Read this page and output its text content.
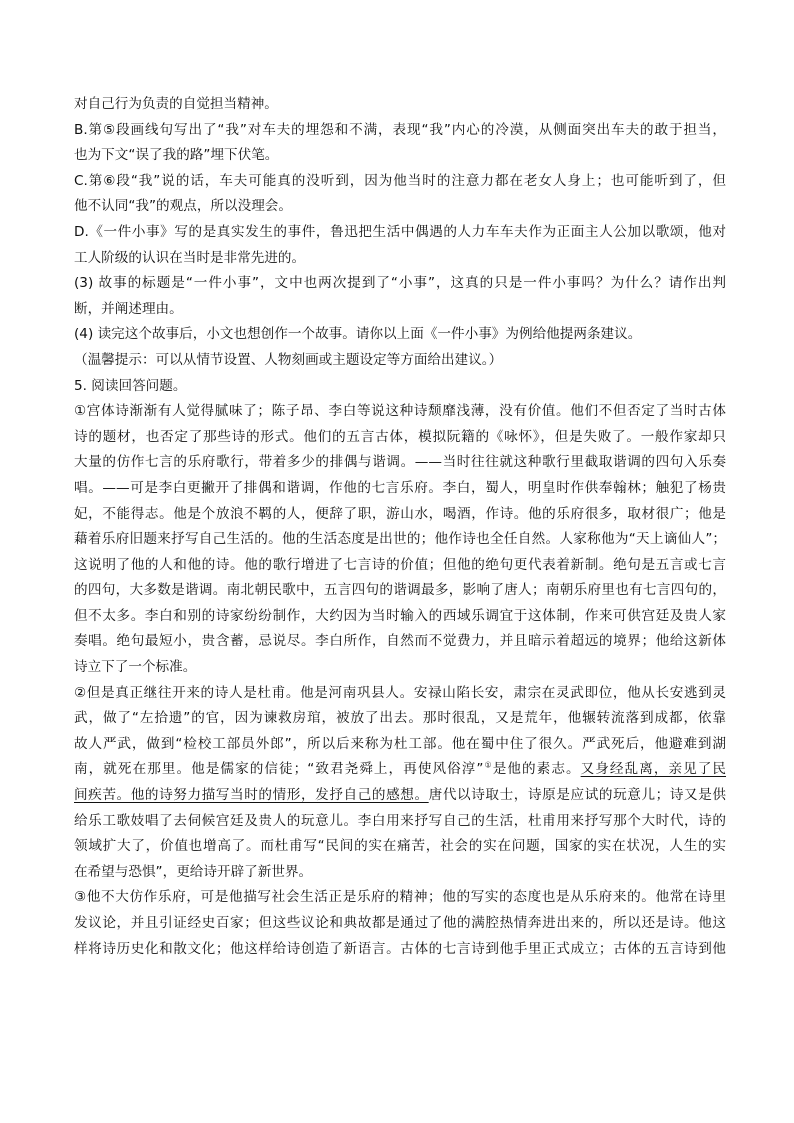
对自己行为负责的自觉担当精神。
B.第⑤段画线句写出了“我”对车夫的埋怨和不满，表现“我”内心的冷漠，从侧面突出车夫的敢于担当，
也为下文“误了我的路”埋下伏笔。
C.第⑥段“我”说的话，车夫可能真的没听到，因为他当时的注意力都在老女人身上；也可能听到了，但
他不认同“我”的观点，所以没理会。
D.《一件小事》写的是真实发生的事件，鲁迅把生活中偶遇的人力车车夫作为正面主人公加以歌颂，他对
工人阶级的认识在当时是非常先进的。
(3) 故事的标题是“一件小事”，文中也两次提到了“小事”，这真的只是一件小事吗？为什么？请作出判
断，并阐述理由。
(4) 读完这个故事后，小文也想创作一个故事。请你以上面《一件小事》为例给他提两条建议。
（温馨提示：可以从情节设置、人物刻画或主题设定等方面给出建议。）
5. 阅读回答问题。
①宫体诗渐渐有人觉得腻味了；陈子昂、李白等说这种诗颓靡浅薄，没有价值。他们不但否定了当时古体
诗的题材，也否定了那些诗的形式。他们的五言古体，模拟阮籍的《咏怀》，但是失败了。一般作家却只
大量的仿作七言的乐府歌行，带着多少的排偶与谐调。——当时往往就这种歌行里截取谐调的四句入乐奏
唱。——可是李白更撇开了排偶和谐调，作他的七言乐府。李白，蜀人，明皇时作供奉翰林；触犯了杨贵
妃，不能得志。他是个放浪不羁的人，便辞了职，游山水，喝酒，作诗。他的乐府很多，取材很广；他是
藉着乐府旧题来抒写自己生活的。他的生活态度是出世的；他作诗也全任自然。人家称他为“天上谪仙人”；
这说明了他的人和他的诗。他的歌行增进了七言诗的价值；但他的绝句更代表着新制。绝句是五言或七言
的四句，大多数是谐调。南北朝民歌中，五言四句的谐调最多，影响了唐人；南朝乐府里也有七言四句的，
但不太多。李白和别的诗家纷纷制作，大约因为当时输入的西域乐调宜于这体制，作来可供宫廷及贵人家
奏唱。绝句最短小，贵含蓄，忌说尽。李白所作，自然而不觉费力，并且暗示着超远的境界；他给这新体
诗立下了一个标准。
②但是真正继往开来的诗人是杜甫。他是河南巩县人。安禄山陷长安，肃宗在灵武即位，他从长安逃到灵
武，做了“左拾遗”的官，因为谏救房琯，被放了出去。那时很乱，又是荒年，他辗转流落到成都，依靠
故人严武，做到“检校工部员外郎”，所以后来称为杜工部。他在蜀中住了很久。严武死后，他避难到湖
南，就死在那里。他是儒家的信徒；“致君尧舜上，再使风俗淳”①是他的素志。又身经乱离，亲见了民
间疾苦。他的诗努力描写当时的情形，发抒自己的感想。唐代以诗取士，诗原是应试的玩意儿；诗又是供
给乐工歌妓唱了去伺候宫廷及贵人的玩意儿。李白用来抒写自己的生活，杜甫用来抒写那个大时代，诗的
领域扩大了，价值也增高了。而杜甫写“民间的实在痛苦，社会的实在问题，国家的实在状况，人生的实
在希望与恐惧”，更给诗开辟了新世界。
③他不大仿作乐府，可是他描写社会生活正是乐府的精神；他的写实的态度也是从乐府来的。他常在诗里
发议论，并且引证经史百家；但这些议论和典故都是通过了他的满腔热情奔进出来的，所以还是诗。他这
样将诗历史化和散文化；他这样给诗创造了新语言。古体的七言诗到他手里正式成立；古体的五言诗到他
